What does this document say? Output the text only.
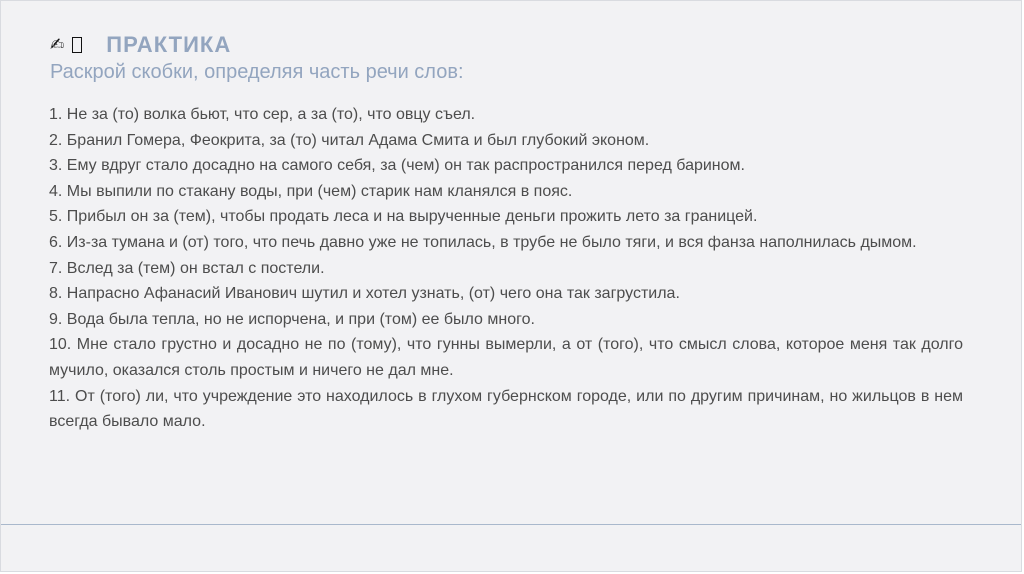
✍ ПРАКТИКА
Раскрой скобки, определяя часть речи слов:
1. Не за (то) волка бьют, что сер, а за (то), что овцу съел.
2. Бранил Гомера, Феокрита, за (то) читал Адама Смита и был глубокий эконом.
3. Ему вдруг стало досадно на самого себя, за (чем) он так распространился перед барином.
4. Мы выпили по стакану воды, при (чем) старик нам кланялся в пояс.
5. Прибыл он за (тем), чтобы продать леса и на вырученные деньги прожить лето за границей.
6. Из-за тумана и (от) того, что печь давно уже не топилась, в трубе не было тяги, и вся фанза наполнилась дымом.
7. Вслед за (тем) он встал с постели.
8. Напрасно Афанасий Иванович шутил и хотел узнать, (от) чего она так загрустила.
9. Вода была тепла, но не испорчена, и при (том) ее было много.
10. Мне стало грустно и досадно не по (тому), что гунны вымерли, а от (того), что смысл слова, которое меня так долго мучило, оказался столь простым и ничего не дал мне.
11. От (того) ли, что учреждение это находилось в глухом губернском городе, или по другим причинам, но жильцов в нем всегда бывало мало.
